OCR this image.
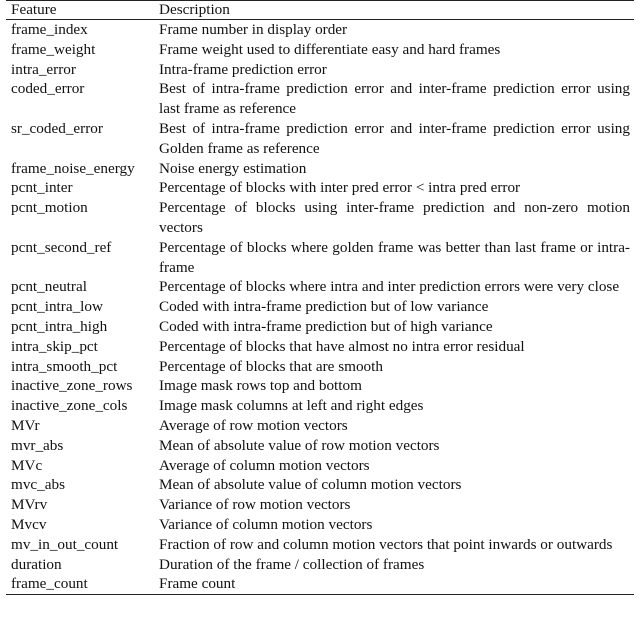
Feature	Description
frame_index	Frame number in display order
frame_weight	Frame weight used to differentiate easy and hard frames
intra_error	Intra-frame prediction error
coded_error	Best of intra-frame prediction error and inter-frame prediction error using last frame as reference
sr_coded_error	Best of intra-frame prediction error and inter-frame prediction error using Golden frame as reference
frame_noise_energy	Noise energy estimation
pcnt_inter	Percentage of blocks with inter pred error < intra pred error
pcnt_motion	Percentage of blocks using inter-frame prediction and non-zero motion vectors
pcnt_second_ref	Percentage of blocks where golden frame was better than last frame or intra-frame
pcnt_neutral	Percentage of blocks where intra and inter prediction errors were very close
pcnt_intra_low	Coded with intra-frame prediction but of low variance
pcnt_intra_high	Coded with intra-frame prediction but of high variance
intra_skip_pct	Percentage of blocks that have almost no intra error residual
intra_smooth_pct	Percentage of blocks that are smooth
inactive_zone_rows	Image mask rows top and bottom
inactive_zone_cols	Image mask columns at left and right edges
MVr	Average of row motion vectors
mvr_abs	Mean of absolute value of row motion vectors
MVc	Average of column motion vectors
mvc_abs	Mean of absolute value of column motion vectors
MVrv	Variance of row motion vectors
Mvcv	Variance of column motion vectors
mv_in_out_count	Fraction of row and column motion vectors that point inwards or outwards
duration	Duration of the frame / collection of frames
frame_count	Frame count
